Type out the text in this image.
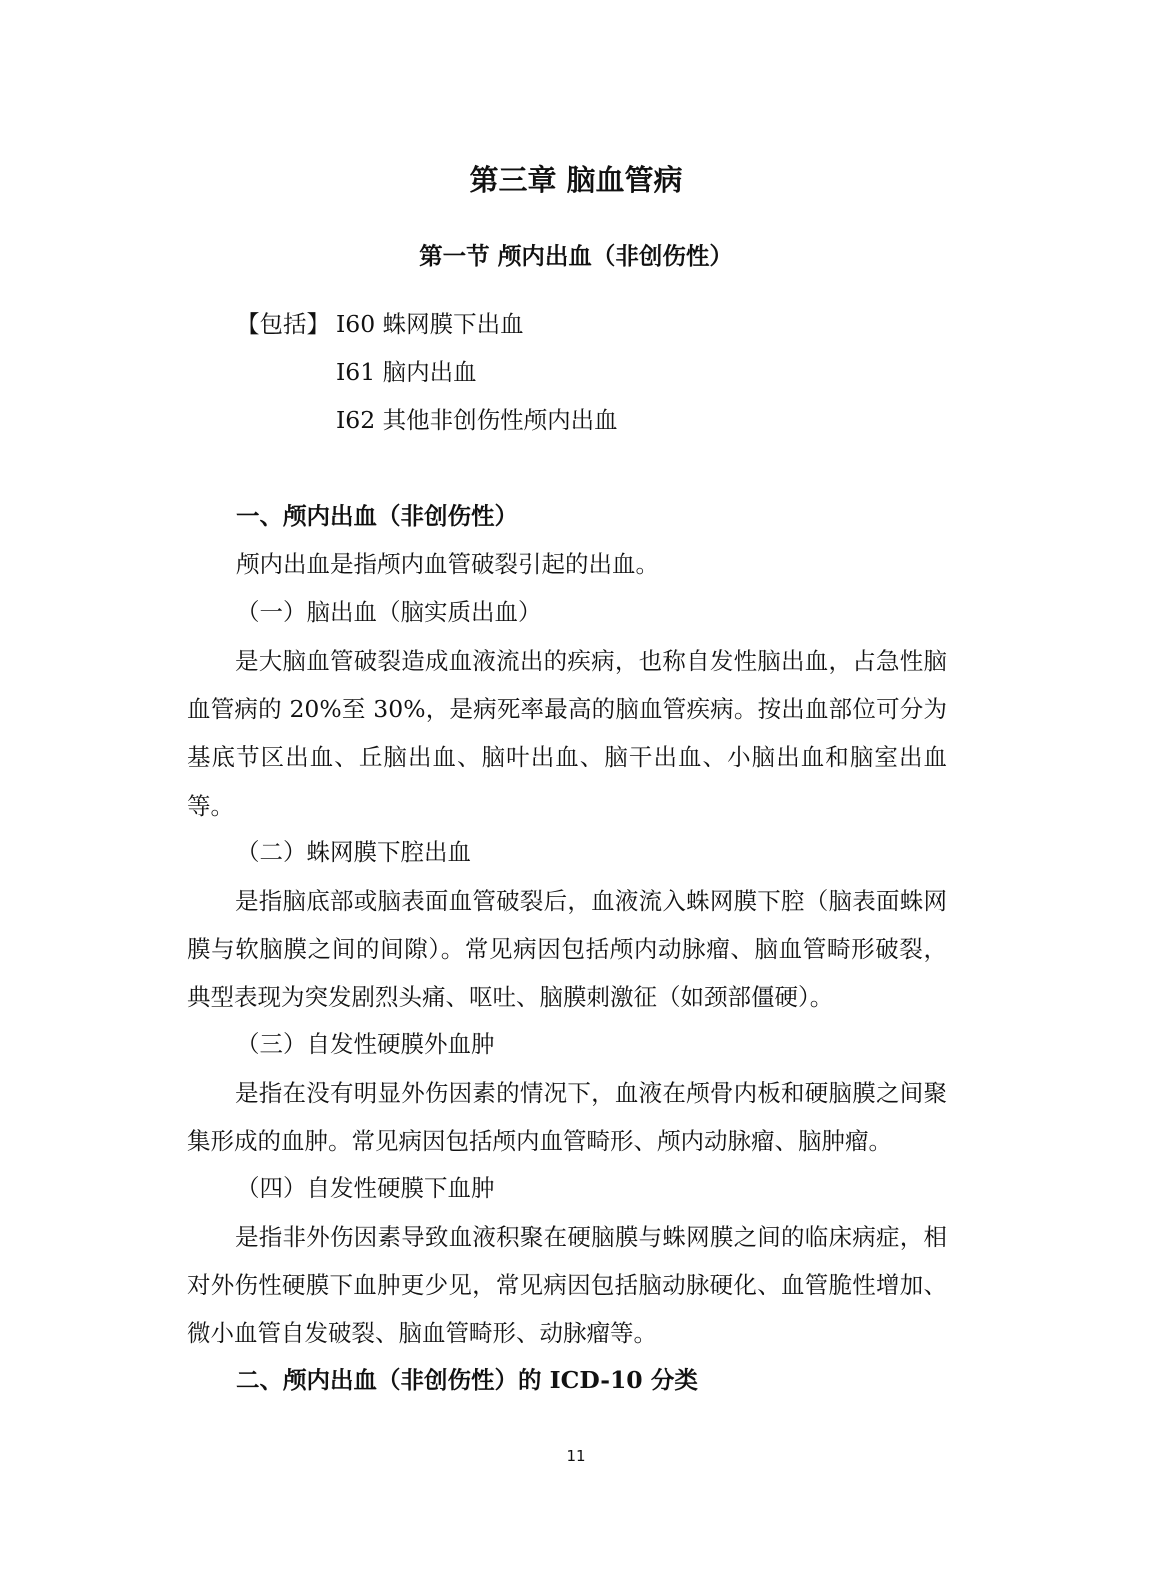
第三章 脑血管病
第一节 颅内出血（非创伤性）
【包括】 I60 蛛网膜下出血
I61 脑内出血
I62 其他非创伤性颅内出血
一、颅内出血（非创伤性）
颅内出血是指颅内血管破裂引起的出血。
（一）脑出血（脑实质出血）

是大脑血管破裂造成血液流出的疾病，也称自发性脑出血，占急性脑血管病的 20%至 30%，是病死率最高的脑血管疾病。按出血部位可分为基底节区出血、丘脑出血、脑叶出血、脑干出血、小脑出血和脑室出血等。

（二）蛛网膜下腔出血

是指脑底部或脑表面血管破裂后，血液流入蛛网膜下腔（脑表面蛛网膜与软脑膜之间的间隙）。常见病因包括颅内动脉瘤、脑血管畸形破裂，典型表现为突发剧烈头痛、呕吐、脑膜刺激征（如颈部僵硬）。

（三）自发性硬膜外血肿

是指在没有明显外伤因素的情况下，血液在颅骨内板和硬脑膜之间聚集形成的血肿。常见病因包括颅内血管畸形、颅内动脉瘤、脑肿瘤。

（四）自发性硬膜下血肿

是指非外伤因素导致血液积聚在硬脑膜与蛛网膜之间的临床病症，相对外伤性硬膜下血肿更少见，常见病因包括脑动脉硬化、血管脆性增加、微小血管自发破裂、脑血管畸形、动脉瘤等。

二、颅内出血（非创伤性）的 ICD-10 分类
11
